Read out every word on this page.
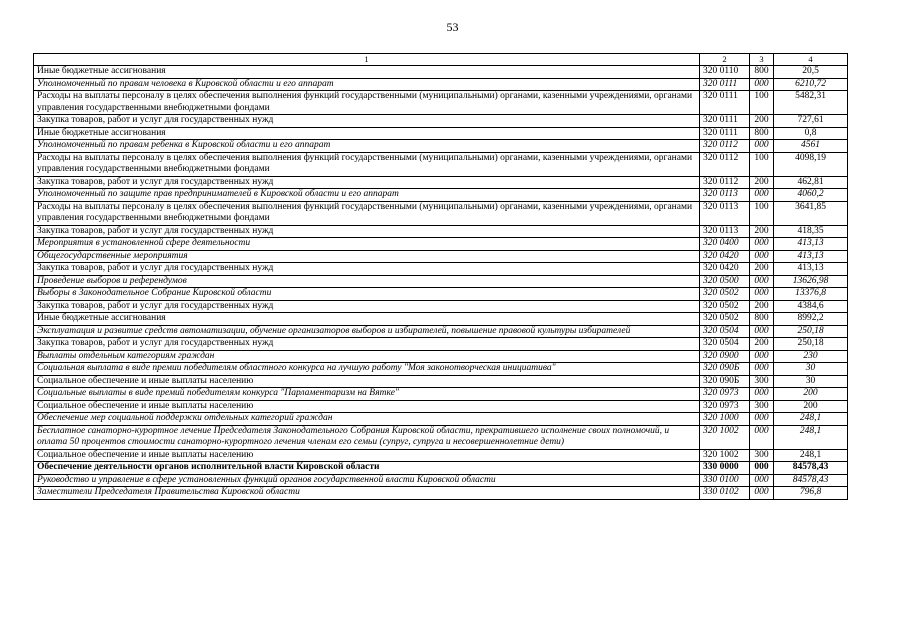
53
1	2	3	4
Иные бюджетные ассигнования	320 0110	800	20,5
Уполномоченный по правам человека в Кировской области и его аппарат	320 0111	000	6210,72
Расходы на выплаты персоналу в целях обеспечения выполнения функций государственными (муниципальными) органами, казенными учреждениями, органами управления государственными внебюджетными фондами	320 0111	100	5482,31
Закупка товаров, работ и услуг для государственных нужд	320 0111	200	727,61
Иные бюджетные ассигнования	320 0111	800	0,8
Уполномоченный по правам ребенка в Кировской области и его аппарат	320 0112	000	4561
Расходы на выплаты персоналу в целях обеспечения выполнения функций государственными (муниципальными) органами, казенными учреждениями, органами управления государственными внебюджетными фондами	320 0112	100	4098,19
Закупка товаров, работ и услуг для государственных нужд	320 0112	200	462,81
Уполномоченный по защите прав предпринимателей в Кировской области и его аппарат	320 0113	000	4060,2
Расходы на выплаты персоналу в целях обеспечения выполнения функций государственными (муниципальными) органами, казенными учреждениями, органами управления государственными внебюджетными фондами	320 0113	100	3641,85
Закупка товаров, работ и услуг для государственных нужд	320 0113	200	418,35
Мероприятия в установленной сфере деятельности	320 0400	000	413,13
Общегосударственные мероприятия	320 0420	000	413,13
Закупка товаров, работ и услуг для государственных нужд	320 0420	200	413,13
Проведение выборов и референдумов	320 0500	000	13626,98
Выборы в Законодательное Собрание Кировской области	320 0502	000	13376,8
Закупка товаров, работ и услуг для государственных нужд	320 0502	200	4384,6
Иные бюджетные ассигнования	320 0502	800	8992,2
Эксплуатация и развитие средств автоматизации, обучение организаторов выборов и избирателей, повышение правовой культуры избирателей	320 0504	000	250,18
Закупка товаров, работ и услуг для государственных нужд	320 0504	200	250,18
Выплаты отдельным категориям граждан	320 0900	000	230
Социальная выплата в виде премии победителям областного конкурса на лучшую работу "Моя законотворческая инициатива"	320 090Б	000	30
Социальное обеспечение и иные выплаты населению	320 090Б	300	30
Социальные выплаты в виде премий победителям конкурса "Парламентаризм на Вятке"	320 0973	000	200
Социальное обеспечение и иные выплаты населению	320 0973	300	200
Обеспечение мер социальной поддержки отдельных категорий граждан	320 1000	000	248,1
Бесплатное санаторно-курортное лечение Председателя Законодательного Собрания Кировской области, прекратившего исполнение своих полномочий, и оплата 50 процентов стоимости санаторно-курортного лечения членам его семьи (супруг, супруга и несовершеннолетние дети)	320 1002	000	248,1
Социальное обеспечение и иные выплаты населению	320 1002	300	248,1
Обеспечение деятельности органов исполнительной власти Кировской области	330 0000	000	84578,43
Руководство и управление в сфере установленных функций органов государственной власти Кировской области	330 0100	000	84578,43
Заместители Председателя Правительства Кировской области	330 0102	000	796,8
